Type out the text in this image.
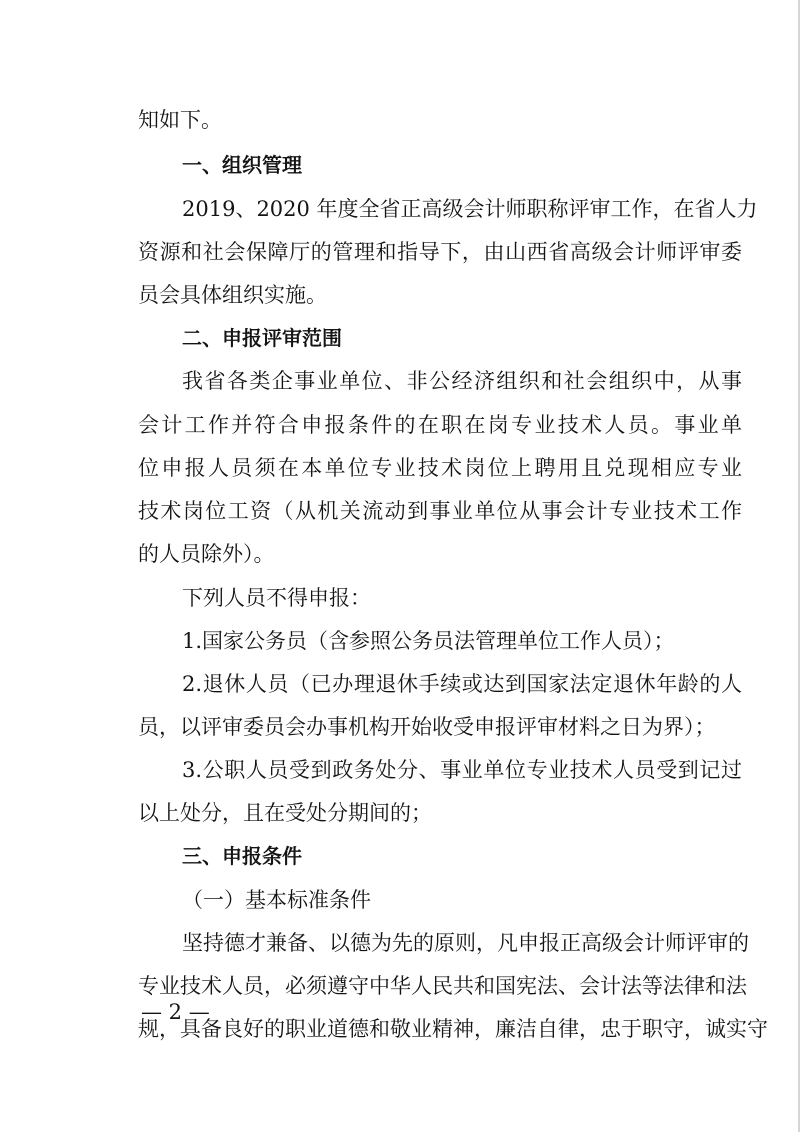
知如下。
一、组织管理
2019、2020 年度全省正高级会计师职称评审工作，在省人力
资源和社会保障厅的管理和指导下，由山西省高级会计师评审委
员会具体组织实施。
二、申报评审范围
我省各类企事业单位、非公经济组织和社会组织中，从事
会计工作并符合申报条件的在职在岗专业技术人员。事业单
位申报人员须在本单位专业技术岗位上聘用且兑现相应专业
技术岗位工资（从机关流动到事业单位从事会计专业技术工作
的人员除外）。
下列人员不得申报：
1.国家公务员（含参照公务员法管理单位工作人员）；
2.退休人员（已办理退休手续或达到国家法定退休年龄的人
员，以评审委员会办事机构开始收受申报评审材料之日为界）；
3.公职人员受到政务处分、事业单位专业技术人员受到记过
以上处分，且在受处分期间的；
三、申报条件
（一）基本标准条件
坚持德才兼备、以德为先的原则，凡申报正高级会计师评审的
专业技术人员，必须遵守中华人民共和国宪法、会计法等法律和法
规，具备良好的职业道德和敬业精神，廉洁自律，忠于职守，诚实守
— 2 —
